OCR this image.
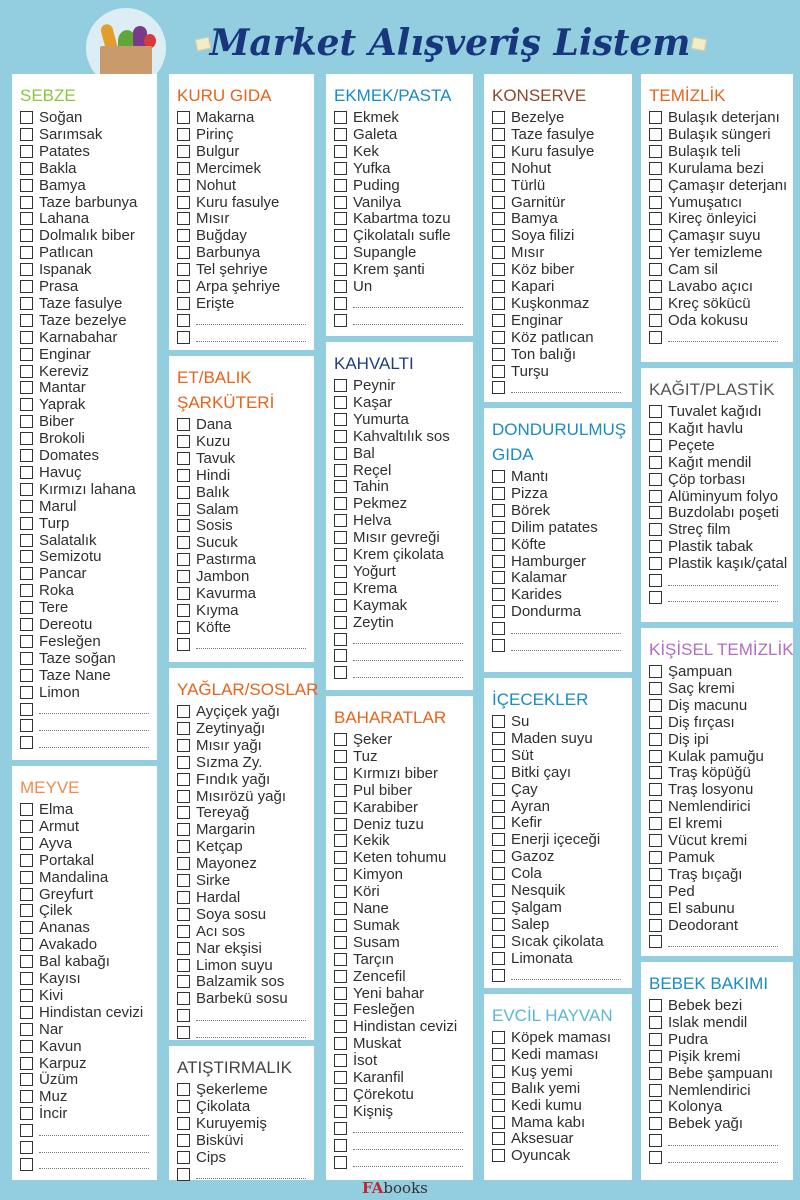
Market Alışveriş Listem
SEBZE
Soğan
Sarımsak
Patates
Bakla
Bamya
Taze barbunya
Lahana
Dolmalık biber
Patlıcan
Ispanak
Prasa
Taze fasulye
Taze bezelye
Karnabahar
Enginar
Kereviz
Mantar
Yaprak
Biber
Brokoli
Domates
Havuç
Kırmızı lahana
Marul
Turp
Salatalık
Semizotu
Pancar
Roka
Tere
Dereotu
Fesleğen
Taze soğan
Taze Nane
Limon
MEYVE
Elma
Armut
Ayva
Portakal
Mandalina
Greyfurt
Çilek
Ananas
Avakado
Bal kabağı
Kayısı
Kivi
Hindistan cevizi
Nar
Kavun
Karpuz
Üzüm
Muz
İncir
KURU GIDA
Makarna
Pirinç
Bulgur
Mercimek
Nohut
Kuru fasulye
Mısır
Buğday
Barbunya
Tel şehriye
Arpa şehriye
Erişte
ET/BALIK
ŞARKÜTERİ
Dana
Kuzu
Tavuk
Hindi
Balık
Salam
Sosis
Sucuk
Pastırma
Jambon
Kavurma
Kıyma
Köfte
YAĞLAR/SOSLAR
Ayçiçek yağı
Zeytinyağı
Mısır yağı
Sızma Zy.
Fındık yağı
Mısırözü yağı
Tereyağ
Margarin
Ketçap
Mayonez
Sirke
Hardal
Soya sosu
Acı sos
Nar ekşisi
Limon suyu
Balzamik sos
Barbekü sosu
ATIŞTIRMALIK
Şekerleme
Çikolata
Kuruyemiş
Bisküvi
Cips
EKMEK/PASTA
Ekmek
Galeta
Kek
Yufka
Puding
Vanilya
Kabartma tozu
Çikolatalı sufle
Supangle
Krem şanti
Un
KAHVALTI
Peynir
Kaşar
Yumurta
Kahvaltılık sos
Bal
Reçel
Tahin
Pekmez
Helva
Mısır gevreği
Krem çikolata
Yoğurt
Krema
Kaymak
Zeytin
BAHARATLAR
Şeker
Tuz
Kırmızı biber
Pul biber
Karabiber
Deniz tuzu
Kekik
Keten tohumu
Kimyon
Köri
Nane
Sumak
Susam
Tarçın
Zencefil
Yeni bahar
Fesleğen
Hindistan cevizi
Muskat
İsot
Karanfil
Çörekotu
Kişniş
KONSERVE
Bezelye
Taze fasulye
Kuru fasulye
Nohut
Türlü
Garnitür
Bamya
Soya filizi
Mısır
Köz biber
Kapari
Kuşkonmaz
Enginar
Köz patlıcan
Ton balığı
Turşu
DONDURULMUŞ
GIDA
Mantı
Pizza
Börek
Dilim patates
Köfte
Hamburger
Kalamar
Karides
Dondurma
İÇECEKLER
Su
Maden suyu
Süt
Bitki çayı
Çay
Ayran
Kefir
Enerji içeceği
Gazoz
Cola
Nesquik
Şalgam
Salep
Sıcak çikolata
Limonata
EVCİL HAYVAN
Köpek maması
Kedi maması
Kuş yemi
Balık yemi
Kedi kumu
Mama kabı
Aksesuar
Oyuncak
TEMİZLİK
Bulaşık deterjanı
Bulaşık süngeri
Bulaşık teli
Kurulama bezi
Çamaşır deterjanı
Yumuşatıcı
Kireç önleyici
Çamaşır suyu
Yer temizleme
Cam sil
Lavabo açıcı
Kreç sökücü
Oda kokusu
KAĞIT/PLASTİK
Tuvalet kağıdı
Kağıt havlu
Peçete
Kağıt mendil
Çöp torbası
Alüminyum folyo
Buzdolabı poşeti
Streç film
Plastik tabak
Plastik kaşık/çatal
KİŞİSEL TEMİZLİK
Şampuan
Saç kremi
Diş macunu
Diş fırçası
Diş ipi
Kulak pamuğu
Traş köpüğü
Traş losyonu
Nemlendirici
El kremi
Vücut kremi
Pamuk
Traş bıçağı
Ped
El sabunu
Deodorant
BEBEK BAKIMI
Bebek bezi
Islak mendil
Pudra
Pişik kremi
Bebe şampuanı
Nemlendirici
Kolonya
Bebek yağı
FAbooks
